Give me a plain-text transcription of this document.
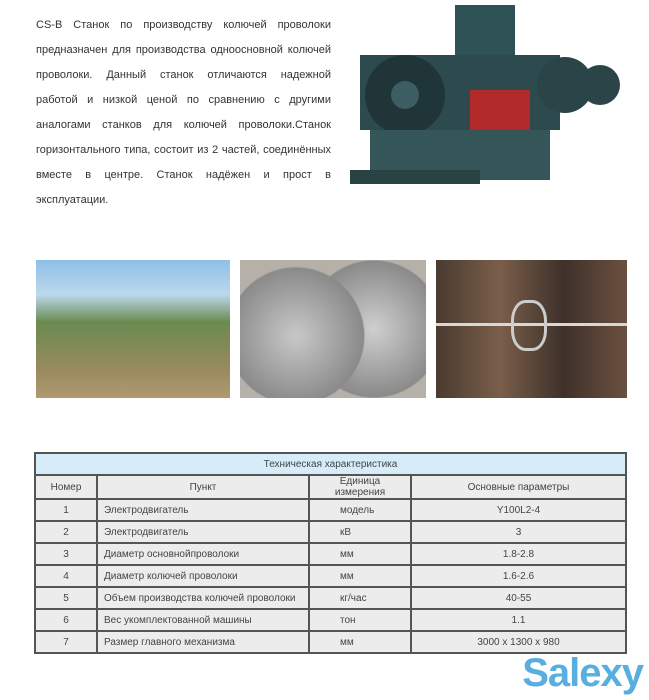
CS-B Станок по производству колючей проволоки предназначен для производства одноосновной колючей проволоки. Данный станок отличаются надежной работой и низкой ценой по сравнению с другими аналогами станков для колючей проволоки.Станок горизонтального типа, состоит из 2 частей, соединённых вместе в центре. Станок надёжен и прост в эксплуатации.
Техническая характеристика			
Номер	Пункт	Единица измерения	Основные параметры
1	Электродвигатель	модель	Y100L2-4
2	Электродвигатель	кВ	3
3	Диаметр основнойпроволоки	мм	1.8-2.8
4	Диаметр колючей проволоки	мм	1.6-2.6
5	Объем производства колючей проволоки	кг/час	40-55
6	Вес укомплектованной машины	тон	1.1
7	Размер главного механизма	мм	3000 x 1300 x 980
Salexy
